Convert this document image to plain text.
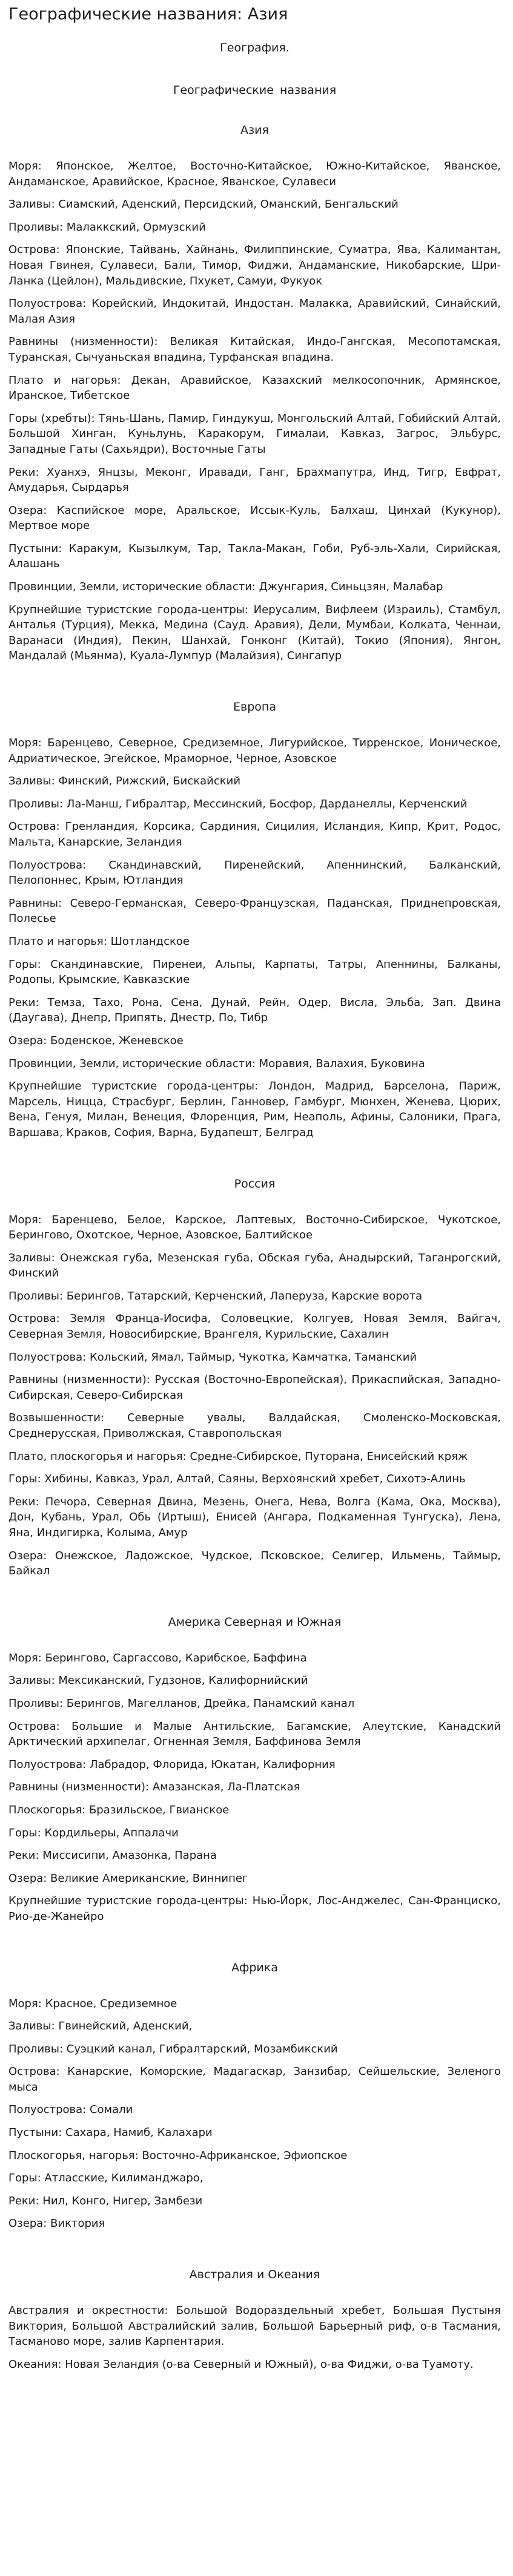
Географические названия: Азия

География.

Географические названия

Азия

Моря: Японское, Желтое, Восточно-Китайское, Южно-Китайское, Яванское, Андаманское, Аравийское, Красное, Яванское, Сулавеси

Заливы: Сиамский, Аденский, Персидский, Оманский, Бенгальский

Проливы: Малаккский, Ормузский

Острова: Японские, Тайвань, Хайнань, Филиппинские, Суматра, Ява, Калимантан, Новая Гвинея, Сулавеси, Бали, Тимор, Фиджи, Андаманские, Никобарские, Шри-Ланка (Цейлон), Мальдивские, Пхукет, Самуи, Фукуок

Полуострова: Корейский, Индокитай, Индостан. Малакка, Аравийский, Синайский, Малая Азия

Равнины (низменности): Великая Китайская, Индо-Гангская, Месопотамская, Туранская, Сычуаньская впадина, Турфанская впадина.

Плато и нагорья: Декан, Аравийское, Казахский мелкосопочник, Армянское, Иранское, Тибетское

Горы (хребты): Тянь-Шань, Памир, Гиндукуш, Монгольский Алтай, Гобийский Алтай, Большой Хинган, Куньлунь, Каракорум, Гималаи, Кавказ, Загрос, Эльбурс, Западные Гаты (Сахьядри), Восточные Гаты

Реки: Хуанхэ, Янцзы, Меконг, Иравади, Ганг, Брахмапутра, Инд, Тигр, Евфрат, Амударья, Сырдарья

Озера: Каспийское море, Аральское, Иссык-Куль, Балхаш, Цинхай (Кукунор), Мертвое море

Пустыни: Каракум, Кызылкум, Тар, Такла-Макан, Гоби, Руб-эль-Хали, Сирийская, Алашань

Провинции, Земли, исторические области: Джунгария, Синьцзян, Малабар

Крупнейшие туристские города-центры: Иерусалим, Вифлеем (Израиль), Стамбул, Анталья (Турция), Мекка, Медина (Сауд. Аравия), Дели, Мумбаи, Колката, Ченнаи, Варанаси (Индия), Пекин, Шанхай, Гонконг (Китай), Токио (Япония), Янгон, Мандалай (Мьянма), Куала-Лумпур (Малайзия), Сингапур

Европа

Моря: Баренцево, Северное, Средиземное, Лигурийское, Тирренское, Ионическое, Адриатическое, Эгейское, Мраморное, Черное, Азовское

Заливы: Финский, Рижский, Бискайский

Проливы: Ла-Манш, Гибралтар, Мессинский, Босфор, Дарданеллы, Керченский

Острова: Гренландия, Корсика, Сардиния, Сицилия, Исландия, Кипр, Крит, Родос, Мальта, Канарские, Зеландия

Полуострова: Скандинавский, Пиренейский, Апеннинский, Балканский, Пелопоннес, Крым, Ютландия

Равнины: Северо-Германская, Северо-Французская, Паданская, Приднепровская, Полесье

Плато и нагорья: Шотландское

Горы: Скандинавские, Пиренеи, Альпы, Карпаты, Татры, Апеннины, Балканы, Родопы, Крымские, Кавказские

Реки: Темза, Тахо, Рона, Сена, Дунай, Рейн, Одер, Висла, Эльба, Зап. Двина (Даугава), Днепр, Припять, Днестр, По, Тибр

Озера: Боденское, Женевское

Провинции, Земли, исторические области: Моравия, Валахия, Буковина

Крупнейшие туристские города-центры: Лондон, Мадрид, Барселона, Париж, Марсель, Ницца, Страсбург, Берлин, Ганновер, Гамбург, Мюнхен, Женева, Цюрих, Вена, Генуя, Милан, Венеция, Флоренция, Рим, Неаполь, Афины, Салоники, Прага, Варшава, Краков, София, Варна, Будапешт, Белград

Россия

Моря: Баренцево, Белое, Карское, Лаптевых, Восточно-Сибирское, Чукотское, Берингово, Охотское, Черное, Азовское, Балтийское

Заливы: Онежская губа, Мезенская губа, Обская губа, Анадырский, Таганрогский, Финский

Проливы: Берингов, Татарский, Керченский, Лаперуза, Карские ворота

Острова: Земля Франца-Иосифа, Соловецкие, Колгуев, Новая Земля, Вайгач, Северная Земля, Новосибирские, Врангеля, Курильские, Сахалин

Полуострова: Кольский, Ямал, Таймыр, Чукотка, Камчатка, Таманский

Равнины (низменности): Русская (Восточно-Европейская), Прикаспийская, Западно-Сибирская, Северо-Сибирская

Возвышенности: Северные увалы, Валдайская, Смоленско-Московская, Среднерусская, Приволжская, Ставропольская

Плато, плоскогорья и нагорья: Средне-Сибирское, Путорана, Енисейский кряж

Горы: Хибины, Кавказ, Урал, Алтай, Саяны, Верхоянский хребет, Сихотэ-Алинь

Реки: Печора, Северная Двина, Мезень, Онега, Нева, Волга (Кама, Ока, Москва), Дон, Кубань, Урал, Обь (Иртыш), Енисей (Ангара, Подкаменная Тунгуска), Лена, Яна, Индигирка, Колыма, Амур

Озера: Онежское, Ладожское, Чудское, Псковское, Селигер, Ильмень, Таймыр, Байкал

Америка Северная и Южная

Моря: Берингово, Саргассово, Карибское, Баффина

Заливы: Мексиканский, Гудзонов, Калифорнийский

Проливы: Берингов, Магелланов, Дрейка, Панамский канал

Острова: Большие и Малые Антильские, Багамские, Алеутские, Канадский Арктический архипелаг, Огненная Земля, Баффинова Земля

Полуострова: Лабрадор, Флорида, Юкатан, Калифорния

Равнины (низменности): Амазанская, Ла-Платская

Плоскогорья: Бразильское, Гвианское

Горы: Кордильеры, Аппалачи

Реки: Миссисипи, Амазонка, Парана

Озера: Великие Американские, Виннипег

Крупнейшие туристские города-центры: Нью-Йорк, Лос-Анджелес, Сан-Франциско, Рио-де-Жанейро

Африка

Моря: Красное, Средиземное

Заливы: Гвинейский, Аденский,

Проливы: Суэцкий канал, Гибралтарский, Мозамбикский

Острова: Канарские, Коморские, Мадагаскар, Занзибар, Сейшельские, Зеленого мыса

Полуострова: Сомали

Пустыни: Сахара, Намиб, Калахари

Плоскогорья, нагорья: Восточно-Африканское, Эфиопское

Горы: Атласские, Килиманджаро,

Реки: Нил, Конго, Нигер, Замбези

Озера: Виктория

Австралия и Океания

Австралия и окрестности: Большой Водораздельный хребет, Большая Пустыня Виктория, Большой Австралийский залив, Большой Барьерный риф, о-в Тасмания, Тасманово море, залив Карпентария.

Океания: Новая Зеландия (о-ва Северный и Южный), о-ва Фиджи, о-ва Туамоту.
